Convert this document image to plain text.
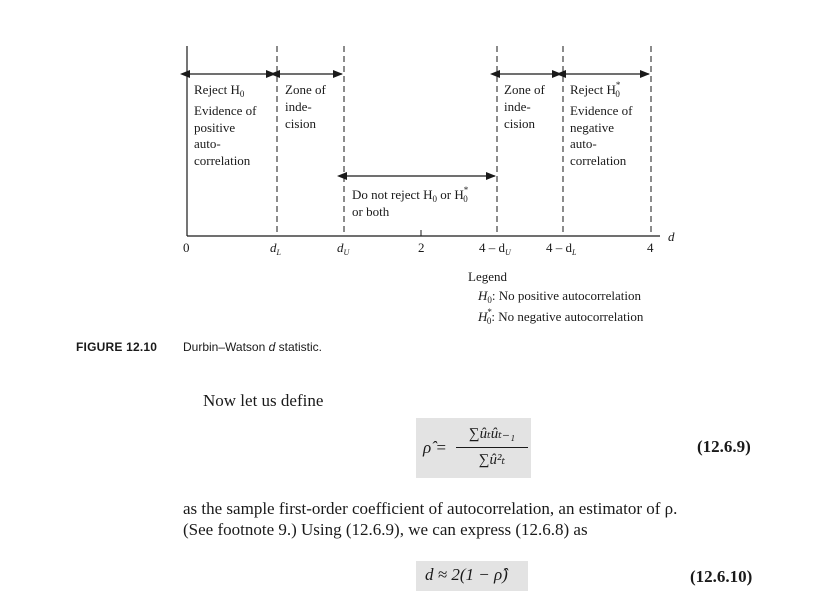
Reject $H_0$
Evidence of
positive
auto-
correlation
Zone of
inde-
cision
Do not reject $H_0$ or H* 0
or both
Zone of
inde-
cision
Reject H* 0
Evidence of
negative
auto-
correlation
d
0	$d_L$	$d_U$	2	$4 - d_U$	$4 - d_L$	4
Legend
$H_0$: No positive autocorrelation
H* 0: No negative autocorrelation
FIGURE 12.10 Durbin–Watson d statistic.
Now let us define
ρ̂ =
∑ûₜûₜ₋₁
∑û²ₜ
(12.6.9)
as the sample first-order coefficient of autocorrelation, an estimator of ρ.
(See footnote 9.) Using (12.6.9), we can express (12.6.8) as
d ≈ 2(1 − ρ̂)	(12.6.10)
